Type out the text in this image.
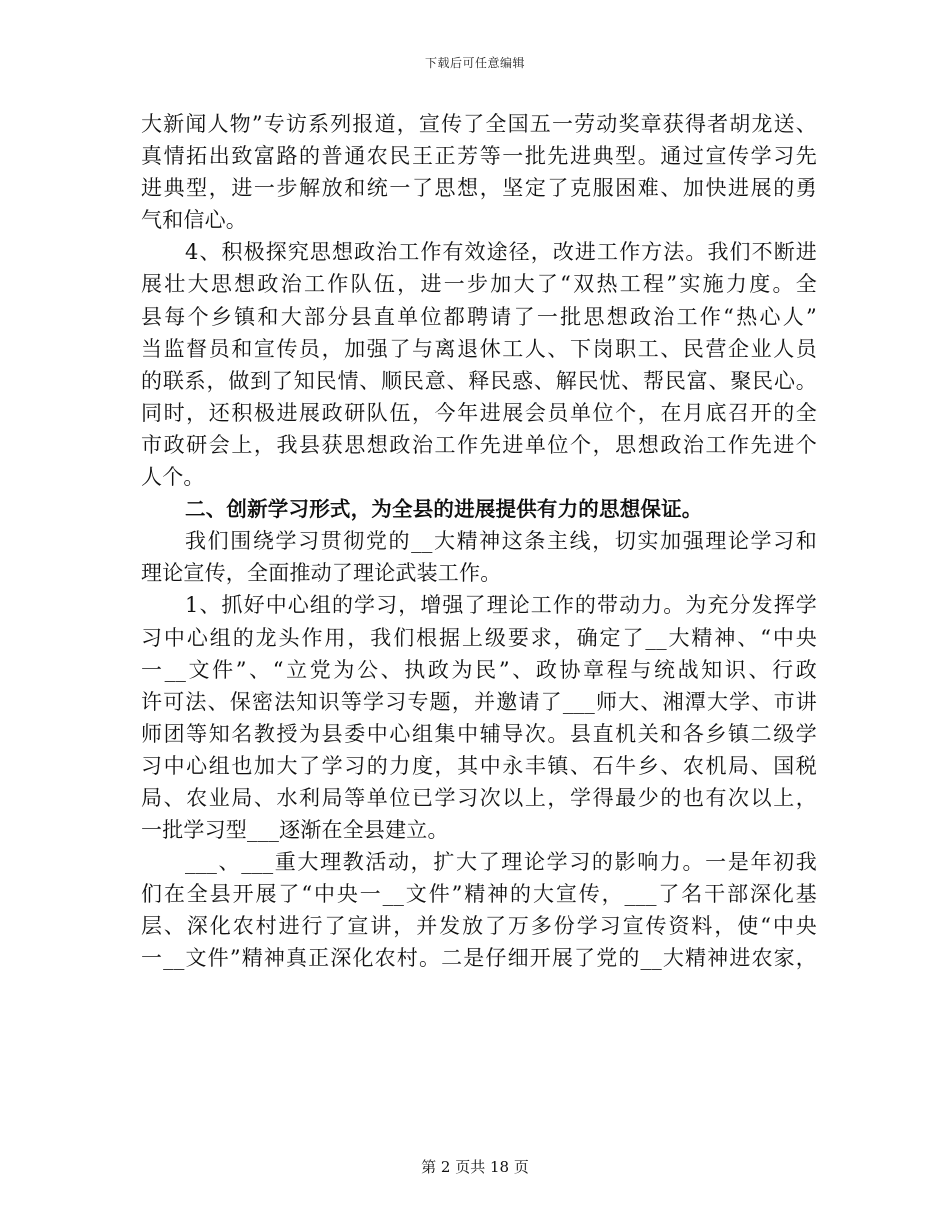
下载后可任意编辑
大新闻人物”专访系列报道，宣传了全国五一劳动奖章获得者胡龙送、
真情拓出致富路的普通农民王正芳等一批先进典型。通过宣传学习先
进典型，进一步解放和统一了思想，坚定了克服困难、加快进展的勇
气和信心。
4、积极探究思想政治工作有效途径，改进工作方法。我们不断进
展壮大思想政治工作队伍，进一步加大了“双热工程”实施力度。全
县每个乡镇和大部分县直单位都聘请了一批思想政治工作“热心人”
当监督员和宣传员，加强了与离退休工人、下岗职工、民营企业人员
的联系，做到了知民情、顺民意、释民惑、解民忧、帮民富、聚民心。
同时，还积极进展政研队伍，今年进展会员单位个，在月底召开的全
市政研会上，我县获思想政治工作先进单位个，思想政治工作先进个
人个。
二、创新学习形式，为全县的进展提供有力的思想保证。
我们围绕学习贯彻党的__大精神这条主线，切实加强理论学习和
理论宣传，全面推动了理论武装工作。
1、抓好中心组的学习，增强了理论工作的带动力。为充分发挥学
习中心组的龙头作用，我们根据上级要求，确定了__大精神、“中央
一__文件”、“立党为公、执政为民”、政协章程与统战知识、行政
许可法、保密法知识等学习专题，并邀请了___师大、湘潭大学、市讲
师团等知名教授为县委中心组集中辅导次。县直机关和各乡镇二级学
习中心组也加大了学习的力度，其中永丰镇、石牛乡、农机局、国税
局、农业局、水利局等单位已学习次以上，学得最少的也有次以上，
一批学习型___逐渐在全县建立。
___、___重大理教活动，扩大了理论学习的影响力。一是年初我
们在全县开展了“中央一__文件”精神的大宣传，___了名干部深化基
层、深化农村进行了宣讲，并发放了万多份学习宣传资料，使“中央
一__文件”精神真正深化农村。二是仔细开展了党的__大精神进农家，
第 2 页共 18 页
